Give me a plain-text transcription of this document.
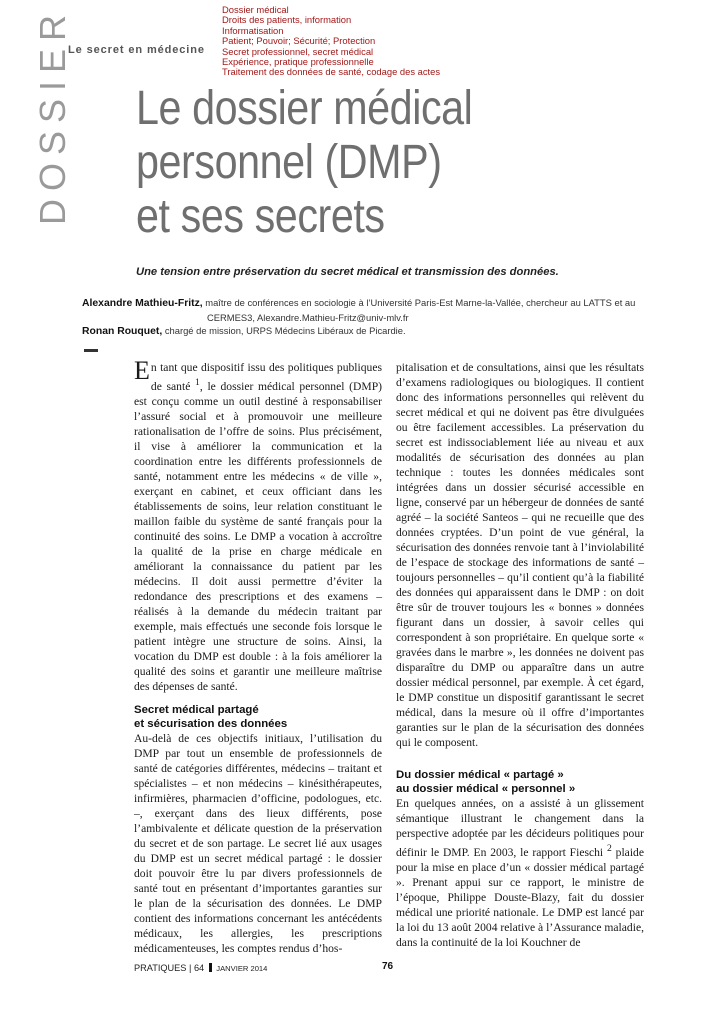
Dossier médical
Droits des patients, information
Informatisation
Patient; Pouvoir; Sécurité; Protection
Secret professionnel, secret médical
Expérience, pratique professionnelle
Traitement des données de santé, codage des actes
Le secret en médecine
DOSSIER Le dossier médical
personnel (DMP)
et ses secrets
Une tension entre préservation du secret médical et transmission des données.
Alexandre Mathieu-Fritz, maître de conférences en sociologie à l’Université Paris-Est Marne-la-Vallée, chercheur au LATTS et au
CERMES3, Alexandre.Mathieu-Fritz@univ-mlv.fr
Ronan Rouquet, chargé de mission, URPS Médecins Libéraux de Picardie.

En tant que dispositif issu des politiques publiques de santé $^1$, le dossier médical personnel (DMP) est conçu comme un outil destiné à responsabiliser l’assuré social et à promouvoir une meilleure rationalisation de l’offre de soins. Plus précisément, il vise à améliorer la communication et la coordination entre les différents professionnels de santé, notamment entre les médecins « de ville », exerçant en cabinet, et ceux officiant dans les établissements de soins, leur relation constituant le maillon faible du système de santé français pour la continuité des soins. Le DMP a vocation à accroître la qualité de la prise en charge médicale en améliorant la connaissance du patient par les médecins. Il doit aussi permettre d’éviter la redondance des prescriptions et des examens – réalisés à la demande du médecin traitant par exemple, mais effectués une seconde fois lorsque le patient intègre une structure de soins. Ainsi, la vocation du DMP est double : à la fois améliorer la qualité des soins et garantir une meilleure maîtrise des dépenses de santé.

Secret médical partagé
et sécurisation des données

Au-delà de ces objectifs initiaux, l’utilisation du DMP par tout un ensemble de professionnels de santé de catégories différentes, médecins – traitant et spécialistes – et non médecins – kinésithérapeutes, infirmières, pharmacien d’officine, podologues, etc. –, exerçant dans des lieux différents, pose l’ambivalente et délicate question de la préservation du secret et de son partage. Le secret lié aux usages du DMP est un secret médical partagé : le dossier doit pouvoir être lu par divers professionnels de santé tout en présentant d’importantes garanties sur le plan de la sécurisation des données. Le DMP contient des informations concernant les antécédents médicaux, les allergies, les prescriptions médicamenteuses, les comptes rendus d’hos-

pitalisation et de consultations, ainsi que les résultats d’examens radiologiques ou biologiques. Il contient donc des informations personnelles qui relèvent du secret médical et qui ne doivent pas être divulguées ou être facilement accessibles. La préservation du secret est indissociablement liée au niveau et aux modalités de sécurisation des données au plan technique : toutes les données médicales sont intégrées dans un dossier sécurisé accessible en ligne, conservé par un hébergeur de données de santé agréé – la société Santeos – qui ne recueille que des données cryptées. D’un point de vue général, la sécurisation des données renvoie tant à l’inviolabilité de l’espace de stockage des informations de santé – toujours personnelles – qu’il contient qu’à la fiabilité des données qui apparaissent dans le DMP : on doit être sûr de trouver toujours les « bonnes » données figurant dans un dossier, à savoir celles qui correspondent à son propriétaire. En quelque sorte « gravées dans le marbre », les données ne doivent pas disparaître du DMP ou apparaître dans un autre dossier médical personnel, par exemple. À cet égard, le DMP constitue un dispositif garantissant le secret médical, dans la mesure où il offre d’importantes garanties sur le plan de la sécurisation des données qui le composent.

Du dossier médical « partagé »
au dossier médical « personnel »

En quelques années, on a assisté à un glissement sémantique illustrant le changement dans la perspective adoptée par les décideurs politiques pour définir le DMP. En 2003, le rapport Fieschi $^2$ plaide pour la mise en place d’un « dossier médical partagé ». Prenant appui sur ce rapport, le ministre de l’époque, Philippe Douste-Blazy, fait du dossier médical une priorité nationale. Le DMP est lancé par la loi du 13 août 2004 relative à l’Assurance maladie, dans la continuité de la loi Kouchner de

PRATIQUES | 64 JANVIER 2014	76
